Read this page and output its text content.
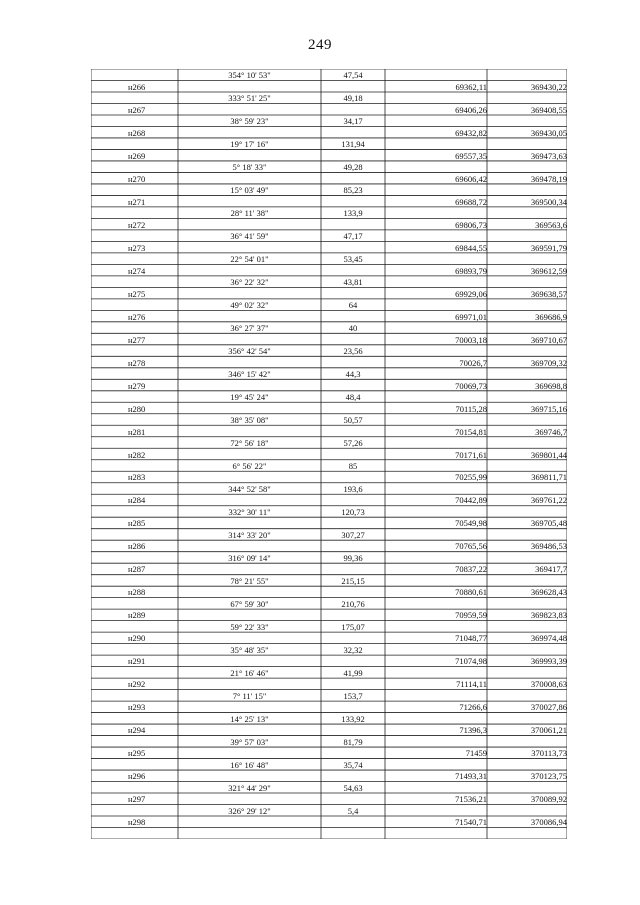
249
354° 10' 53"	47,54
н266	69362,11	369430,22
333° 51' 25"	49,18
н267	69406,26	369408,55
38° 59' 23"	34,17
н268	69432,82	369430,05
19° 17' 16"	131,94
н269	69557,35	369473,63
5° 18' 33"	49,28
н270	69606,42	369478,19
15° 03' 49"	85,23
н271	69688,72	369500,34
28° 11' 38"	133,9
н272	69806,73	369563,6
36° 41' 59"	47,17
н273	69844,55	369591,79
22° 54' 01"	53,45
н274	69893,79	369612,59
36° 22' 32"	43,81
н275	69929,06	369638,57
49° 02' 32"	64
н276	69971,01	369686,9
36° 27' 37"	40
н277	70003,18	369710,67
356° 42' 54"	23,56
н278	70026,7	369709,32
346° 15' 42"	44,3
н279	70069,73	369698,8
19° 45' 24"	48,4
н280	70115,28	369715,16
38° 35' 08"	50,57
н281	70154,81	369746,7
72° 56' 18"	57,26
н282	70171,61	369801,44
6° 56' 22"	85
н283	70255,99	369811,71
344° 52' 58"	193,6
н284	70442,89	369761,22
332° 30' 11"	120,73
н285	70549,98	369705,48
314° 33' 20"	307,27
н286	70765,56	369486,53
316° 09' 14"	99,36
н287	70837,22	369417,7
78° 21' 55"	215,15
н288	70880,61	369628,43
67° 59' 30"	210,76
н289	70959,59	369823,83
59° 22' 33"	175,07
н290	71048,77	369974,48
35° 48' 35"	32,32
н291	71074,98	369993,39
21° 16' 46"	41,99
н292	71114,11	370008,63
7° 11' 15"	153,7
н293	71266,6	370027,86
14° 25' 13"	133,92
н294	71396,3	370061,21
39° 57' 03"	81,79
н295	71459	370113,73
16° 16' 48"	35,74
н296	71493,31	370123,75
321° 44' 29"	54,63
н297	71536,21	370089,92
326° 29' 12"	5,4
н298	71540,71	370086,94
